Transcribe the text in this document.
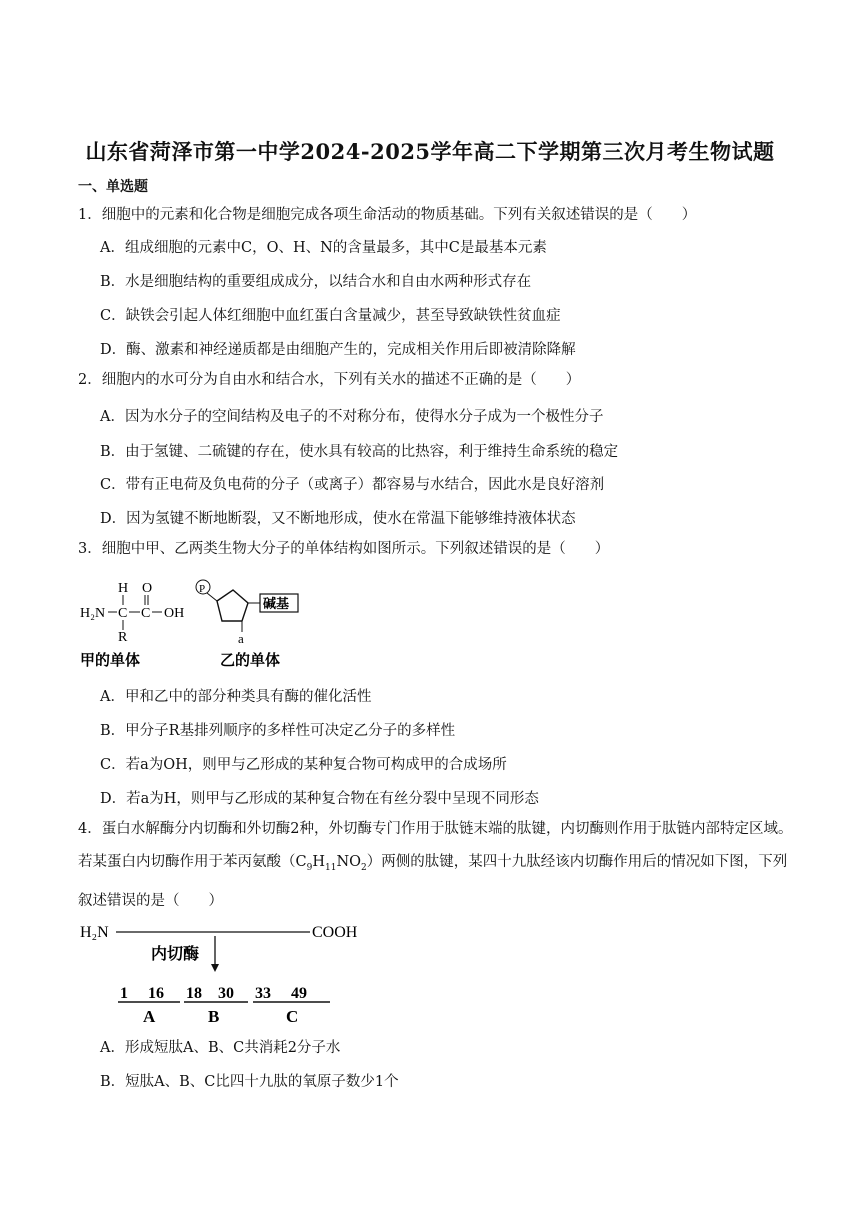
山东省菏泽市第一中学2024-2025学年高二下学期第三次月考生物试题
一、单选题
1．细胞中的元素和化合物是细胞完成各项生命活动的物质基础。下列有关叙述错误的是（　　）
A．组成细胞的元素中C，O、H、N的含量最多，其中C是最基本元素
B．水是细胞结构的重要组成成分，以结合水和自由水两种形式存在
C．缺铁会引起人体红细胞中血红蛋白含量减少，甚至导致缺铁性贫血症
D．酶、激素和神经递质都是由细胞产生的，完成相关作用后即被清除降解
2．细胞内的水可分为自由水和结合水，下列有关水的描述不正确的是（　　）
A．因为水分子的空间结构及电子的不对称分布，使得水分子成为一个极性分子
B．由于氢键、二硫键的存在，使水具有较高的比热容，利于维持生命系统的稳定
C．带有正电荷及负电荷的分子（或离子）都容易与水结合，因此水是良好溶剂
D．因为氢键不断地断裂，又不断地形成，使水在常温下能够维持液体状态
3．细胞中甲、乙两类生物大分子的单体结构如图所示。下列叙述错误的是（　　）
H O
H₂N C C OH
R
P
碱基
a
甲的单体	乙的单体
A．甲和乙中的部分种类具有酶的催化活性
B．甲分子R基排列顺序的多样性可决定乙分子的多样性
C．若a为OH，则甲与乙形成的某种复合物可构成甲的合成场所
D．若a为H，则甲与乙形成的某种复合物在有丝分裂中呈现不同形态
4．蛋白水解酶分内切酶和外切酶2种，外切酶专门作用于肽链末端的肽键，内切酶则作用于肽链内部特定区域。若某蛋白内切酶作用于苯丙氨酸$(C_9H_{11}NO_2)$两侧的肽键，某四十九肽经该内切酶作用后的情况如下图，下列叙述错误的是（　　）
H₂N	COOH
内切酶
1　 16 18　30 33　 49
A	B	C
A．形成短肽A、B、C共消耗2分子水
B．短肽A、B、C比四十九肽的氧原子数少1个
